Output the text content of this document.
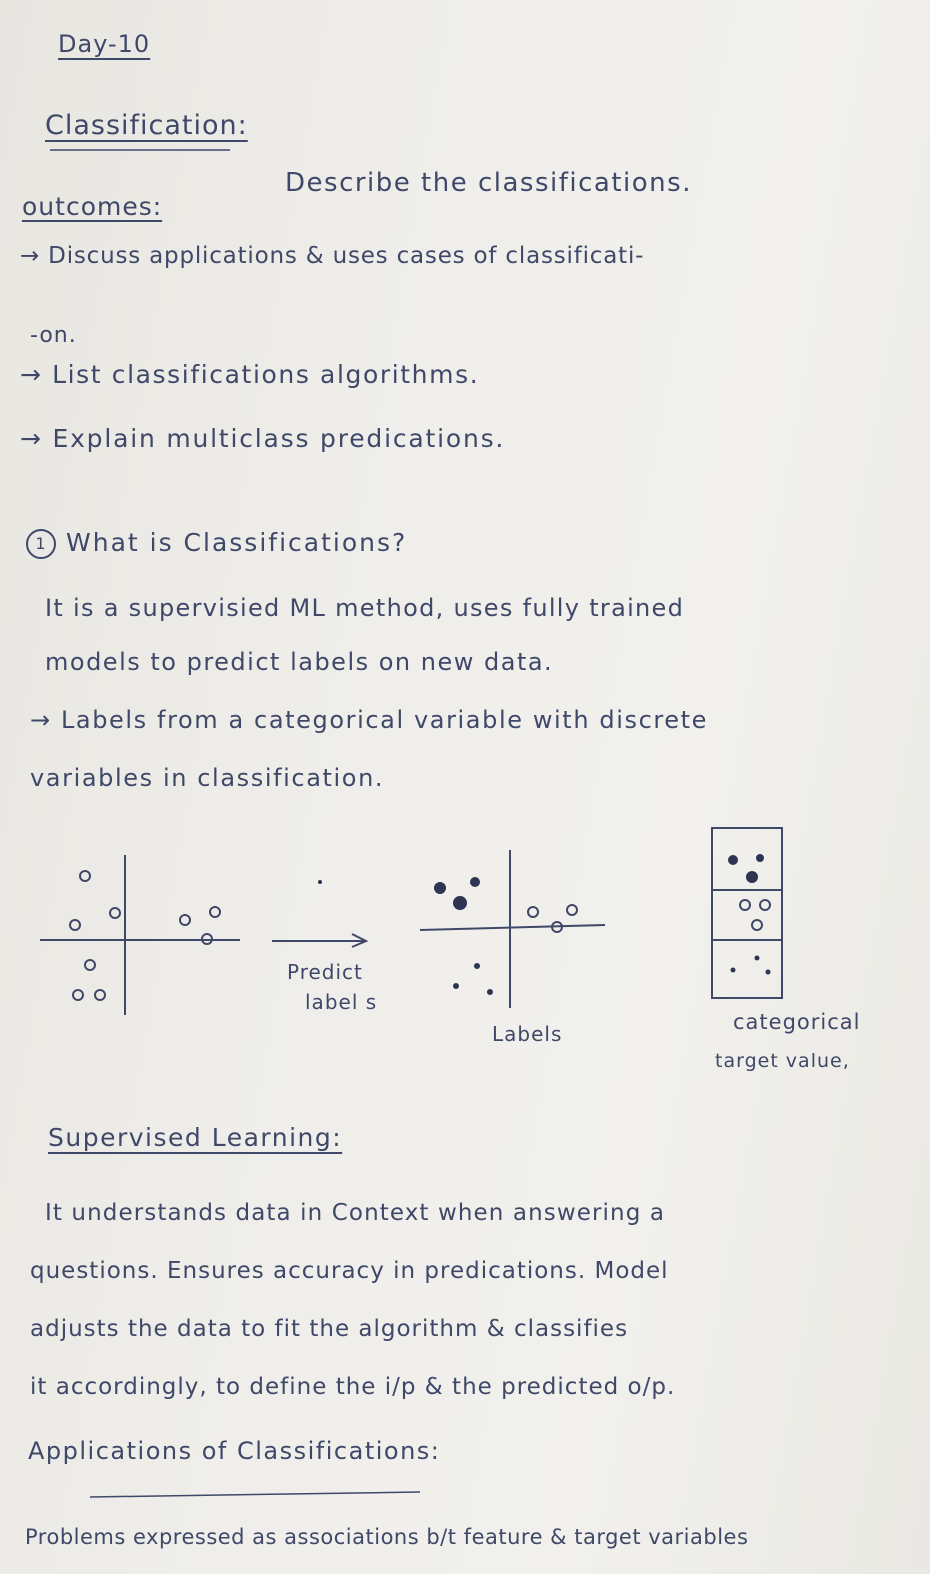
Day-10
Classification:
outcomes:
Describe the classifications.
→ Discuss applications & uses cases of classificati-
-on.
→ List classifications algorithms.
→ Explain multiclass predications.
1 What is Classifications?
It is a supervisied ML method, uses fully trained
models to predict labels on new data.
→ Labels from a categorical variable with discrete
variables in classification.
Predict
label s
Labels	categorical
target value,
Supervised Learning:
It understands data in Context when answering a
questions. Ensures accuracy in predications. Model
adjusts the data to fit the algorithm & classifies
it accordingly, to define the i/p & the predicted o/p.
Applications of Classifications:
Problems expressed as associations b/t feature & target variables
